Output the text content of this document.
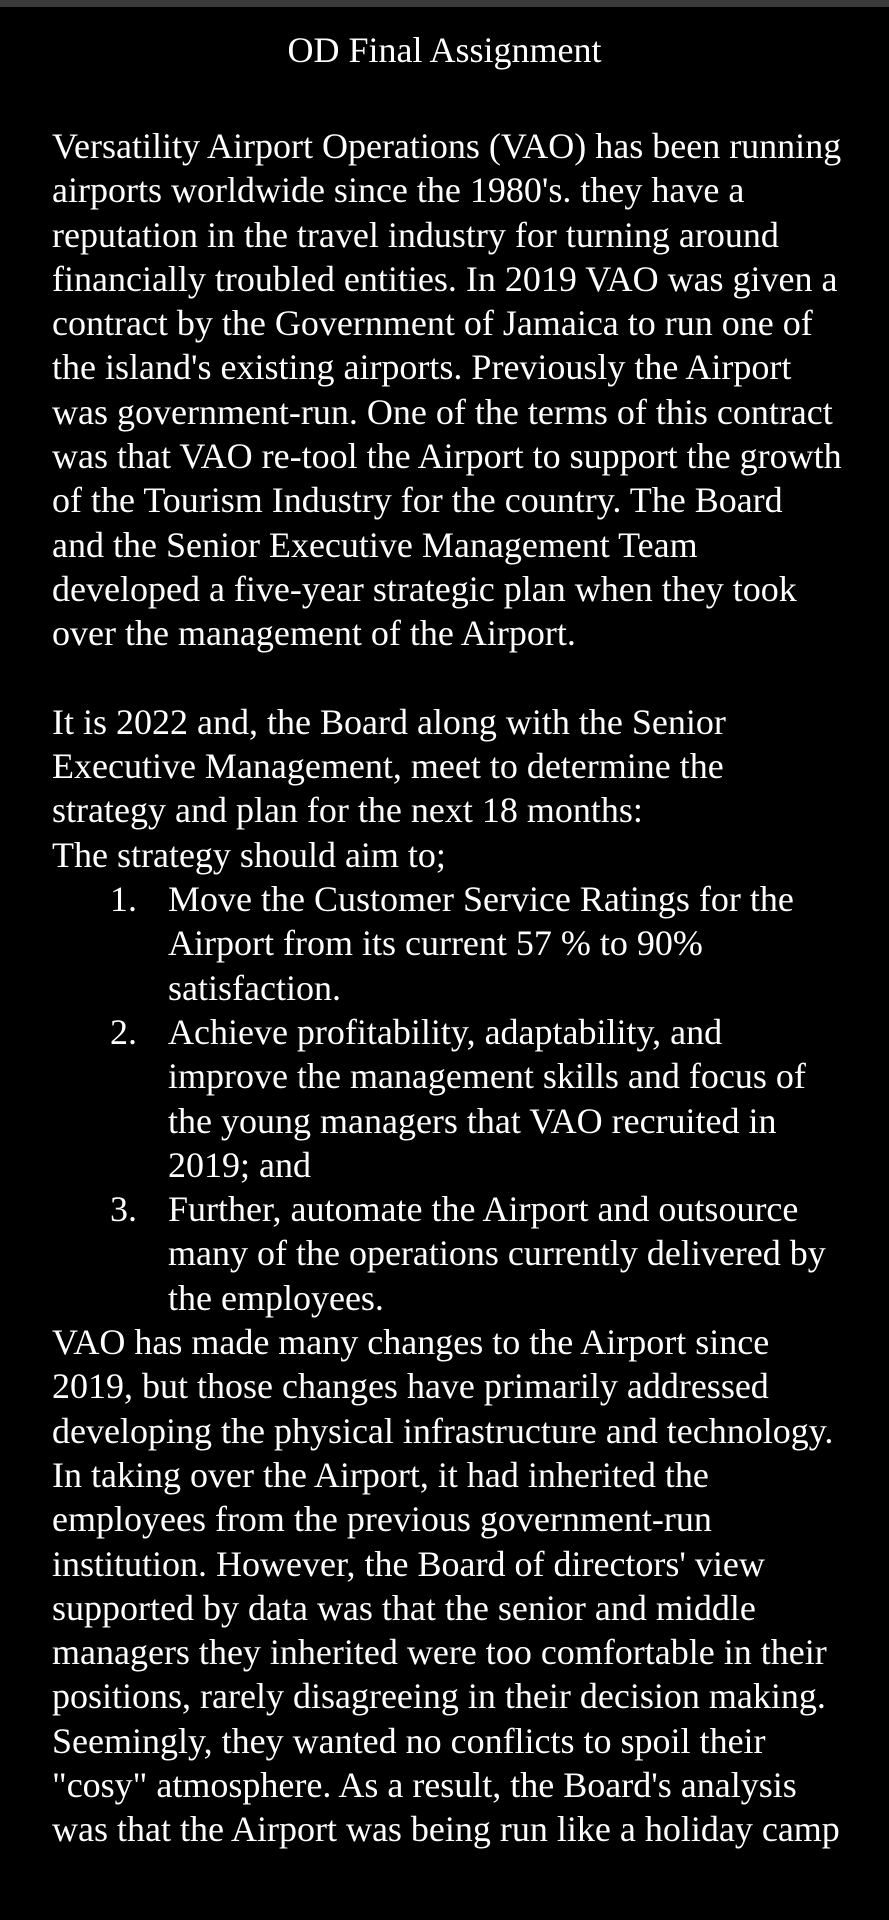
OD Final Assignment

Versatility Airport Operations (VAO) has been running airports worldwide since the 1980's. they have a reputation in the travel industry for turning around financially troubled entities. In 2019 VAO was given a contract by the Government of Jamaica to run one of the island's existing airports. Previously the Airport was government-run. One of the terms of this contract was that VAO re-tool the Airport to support the growth of the Tourism Industry for the country. The Board and the Senior Executive Management Team developed a five-year strategic plan when they took over the management of the Airport.

It is 2022 and, the Board along with the Senior Executive Management, meet to determine the strategy and plan for the next 18 months:

The strategy should aim to;

1. Move the Customer Service Ratings for the Airport from its current 57 % to 90% satisfaction.
2. Achieve profitability, adaptability, and improve the management skills and focus of the young managers that VAO recruited in 2019; and
3. Further, automate the Airport and outsource many of the operations currently delivered by the employees.

VAO has made many changes to the Airport since 2019, but those changes have primarily addressed developing the physical infrastructure and technology. In taking over the Airport, it had inherited the employees from the previous government-run institution. However, the Board of directors' view supported by data was that the senior and middle managers they inherited were too comfortable in their positions, rarely disagreeing in their decision making. Seemingly, they wanted no conflicts to spoil their "cosy" atmosphere. As a result, the Board's analysis was that the Airport was being run like a holiday camp
